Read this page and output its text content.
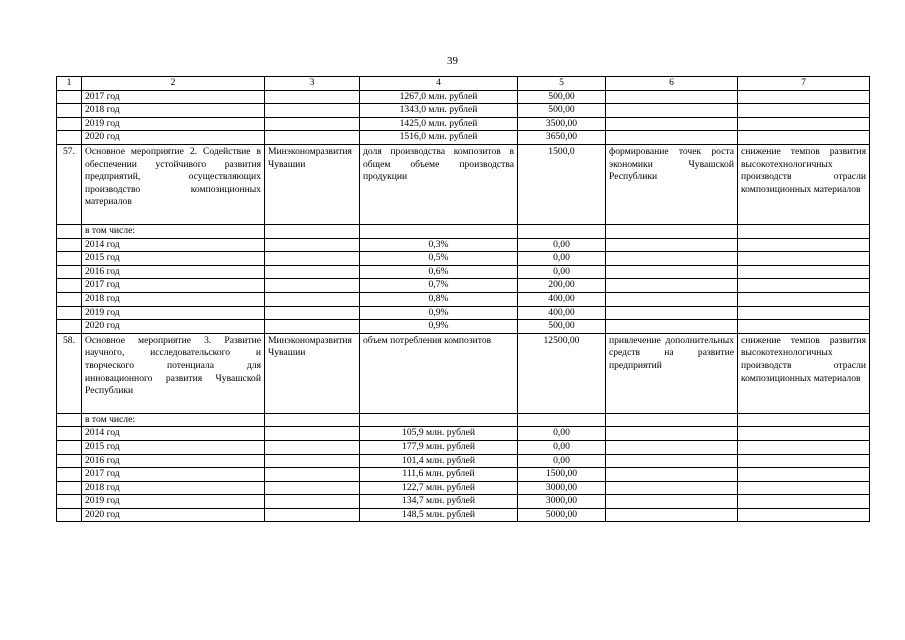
39
1	2	3	4	5	6	7
	2017 год		1267,0 млн. рублей	500,00		
	2018 год		1343,0 млн. рублей	500,00		
	2019 год		1425,0 млн. рублей	3500,00		
	2020 год		1516,0 млн. рублей	3650,00		
57.	Основное мероприятие 2. Содействие в обеспечении устойчивого развития предприятий, осуществляющих производство композиционных материалов	Минэкономразвития Чувашии	доля производства композитов в общем объеме производства продукции	1500,0	формирование точек роста экономики Чувашской Республики	снижение темпов развития высокотехнологичных производств отрасли композиционных материалов
	в том числе:					
	2014 год		0,3%	0,00		
	2015 год		0,5%	0,00		
	2016 год		0,6%	0,00		
	2017 год		0,7%	200,00		
	2018 год		0,8%	400,00		
	2019 год		0,9%	400,00		
	2020 год		0,9%	500,00		
58.	Основное мероприятие 3. Развитие научного, исследовательского и творческого потенциала для инновационного развития Чувашской Республики	Минэкономразвития Чувашии	объем потребления композитов	12500,00	привлечение дополнительных средств на развитие предприятий	снижение темпов развития высокотехнологичных производств отрасли композиционных материалов
	в том числе:					
	2014 год		105,9 млн. рублей	0,00		
	2015 год		177,9 млн. рублей	0,00		
	2016 год		101,4 млн. рублей	0,00		
	2017 год		111,6 млн. рублей	1500,00		
	2018 год		122,7 млн. рублей	3000,00		
	2019 год		134,7 млн. рублей	3000,00		
	2020 год		148,5 млн. рублей	5000,00		
